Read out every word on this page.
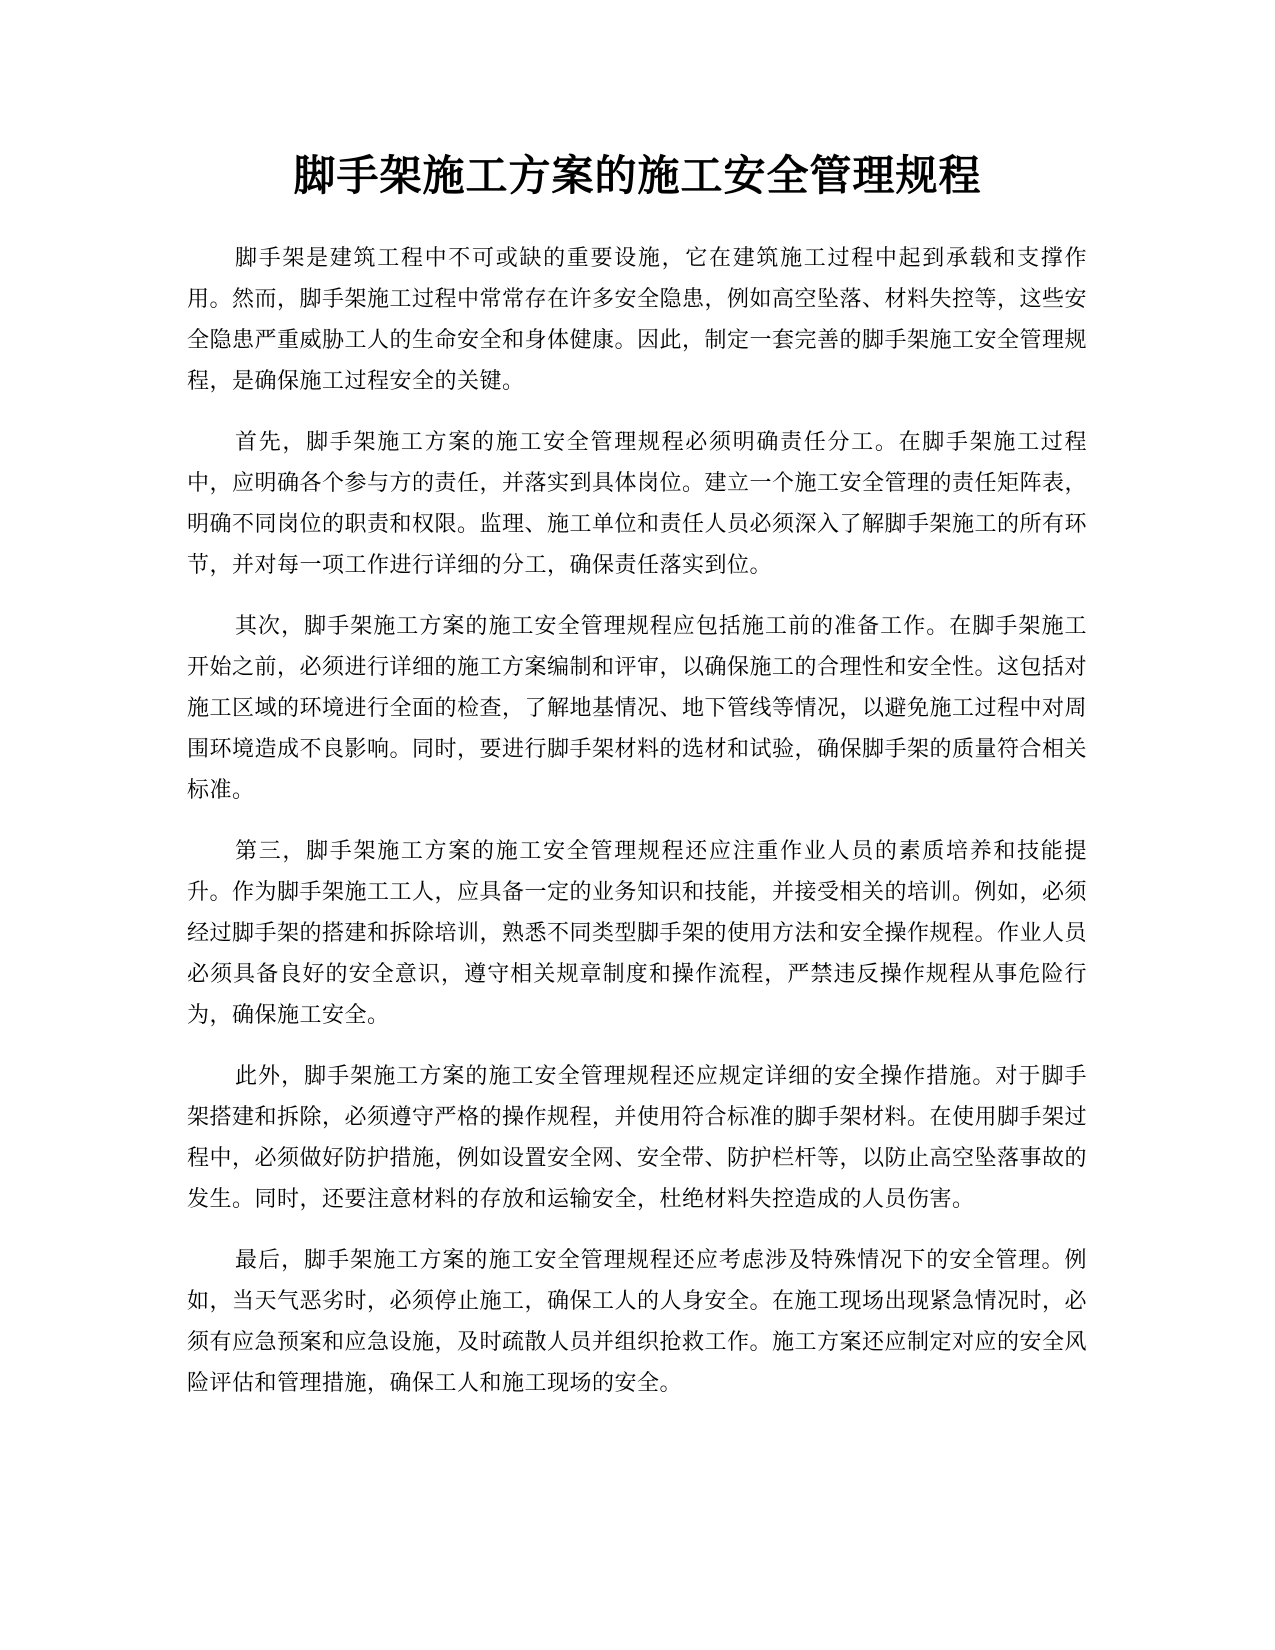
脚手架施工方案的施工安全管理规程

脚手架是建筑工程中不可或缺的重要设施，它在建筑施工过程中起到承载和支撑作用。然而，脚手架施工过程中常常存在许多安全隐患，例如高空坠落、材料失控等，这些安全隐患严重威胁工人的生命安全和身体健康。因此，制定一套完善的脚手架施工安全管理规程，是确保施工过程安全的关键。

首先，脚手架施工方案的施工安全管理规程必须明确责任分工。在脚手架施工过程中，应明确各个参与方的责任，并落实到具体岗位。建立一个施工安全管理的责任矩阵表，明确不同岗位的职责和权限。监理、施工单位和责任人员必须深入了解脚手架施工的所有环节，并对每一项工作进行详细的分工，确保责任落实到位。

其次，脚手架施工方案的施工安全管理规程应包括施工前的准备工作。在脚手架施工开始之前，必须进行详细的施工方案编制和评审，以确保施工的合理性和安全性。这包括对施工区域的环境进行全面的检查，了解地基情况、地下管线等情况，以避免施工过程中对周围环境造成不良影响。同时，要进行脚手架材料的选材和试验，确保脚手架的质量符合相关标准。

第三，脚手架施工方案的施工安全管理规程还应注重作业人员的素质培养和技能提升。作为脚手架施工工人，应具备一定的业务知识和技能，并接受相关的培训。例如，必须经过脚手架的搭建和拆除培训，熟悉不同类型脚手架的使用方法和安全操作规程。作业人员必须具备良好的安全意识，遵守相关规章制度和操作流程，严禁违反操作规程从事危险行为，确保施工安全。

此外，脚手架施工方案的施工安全管理规程还应规定详细的安全操作措施。对于脚手架搭建和拆除，必须遵守严格的操作规程，并使用符合标准的脚手架材料。在使用脚手架过程中，必须做好防护措施，例如设置安全网、安全带、防护栏杆等，以防止高空坠落事故的发生。同时，还要注意材料的存放和运输安全，杜绝材料失控造成的人员伤害。

最后，脚手架施工方案的施工安全管理规程还应考虑涉及特殊情况下的安全管理。例如，当天气恶劣时，必须停止施工，确保工人的人身安全。在施工现场出现紧急情况时，必须有应急预案和应急设施，及时疏散人员并组织抢救工作。施工方案还应制定对应的安全风险评估和管理措施，确保工人和施工现场的安全。
